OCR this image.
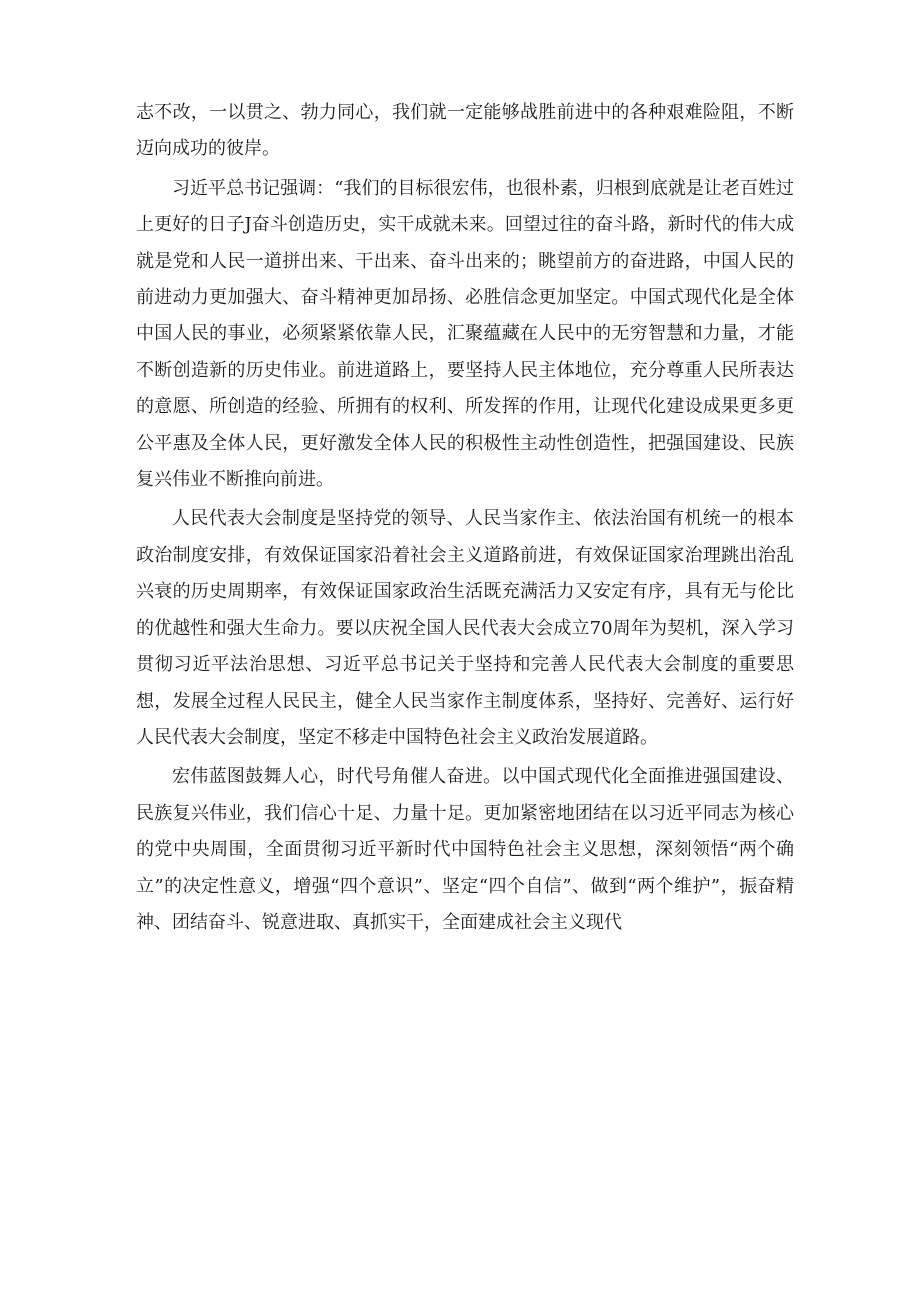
志不改，一以贯之、勃力同心，我们就一定能够战胜前进中的各种艰难险阻，不断迈向成功的彼岸。

习近平总书记强调：“我们的目标很宏伟，也很朴素，归根到底就是让老百姓过上更好的日子J奋斗创造历史，实干成就未来。回望过往的奋斗路，新时代的伟大成就是党和人民一道拼出来、干出来、奋斗出来的；眺望前方的奋进路，中国人民的前进动力更加强大、奋斗精神更加昂扬、必胜信念更加坚定。中国式现代化是全体中国人民的事业，必须紧紧依靠人民，汇聚蕴藏在人民中的无穷智慧和力量，才能不断创造新的历史伟业。前进道路上，要坚持人民主体地位，充分尊重人民所表达的意愿、所创造的经验、所拥有的权利、所发挥的作用，让现代化建设成果更多更公平惠及全体人民，更好激发全体人民的积极性主动性创造性，把强国建设、民族复兴伟业不断推向前进。

人民代表大会制度是坚持党的领导、人民当家作主、依法治国有机统一的根本政治制度安排，有效保证国家沿着社会主义道路前进，有效保证国家治理跳出治乱兴衰的历史周期率，有效保证国家政治生活既充满活力又安定有序，具有无与伦比的优越性和强大生命力。要以庆祝全国人民代表大会成立70周年为契机，深入学习贯彻习近平法治思想、习近平总书记关于坚持和完善人民代表大会制度的重要思想，发展全过程人民民主，健全人民当家作主制度体系，坚持好、完善好、运行好人民代表大会制度，坚定不移走中国特色社会主义政治发展道路。

宏伟蓝图鼓舞人心，时代号角催人奋进。以中国式现代化全面推进强国建设、民族复兴伟业，我们信心十足、力量十足。更加紧密地团结在以习近平同志为核心的党中央周围，全面贯彻习近平新时代中国特色社会主义思想，深刻领悟“两个确立”的决定性意义，增强“四个意识”、坚定“四个自信”、做到“两个维护”，振奋精神、团结奋斗、锐意进取、真抓实干，全面建成社会主义现代
